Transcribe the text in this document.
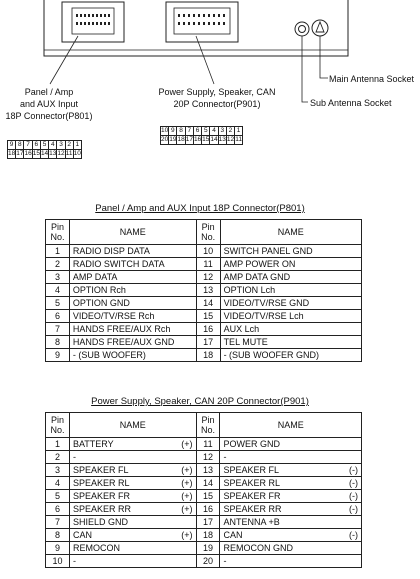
Panel / Amp
and AUX Input
18P Connector(P801)
Power Supply, Speaker, CAN
20P Connector(P901)
Main Antenna Socket
Sub Antenna Socket
9	8	7	6	5	4	3	2	1
18	17	16	15	14	13	12	11	10
10	9	8	7	6	5	4	3	2	1
20	19	18	17	16	15	14	13	12	11
Panel / Amp and AUX Input 18P Connector(P801)
Pin
No.	NAME	Pin
No.	NAME
1	RADIO DISP DATA	10	SWITCH PANEL GND
2	RADIO SWITCH DATA	11	AMP POWER ON
3	AMP DATA	12	AMP DATA GND
4	OPTION Rch	13	OPTION Lch
5	OPTION GND	14	VIDEO/TV/RSE GND
6	VIDEO/TV/RSE Rch	15	VIDEO/TV/RSE Lch
7	HANDS FREE/AUX Rch	16	AUX Lch
8	HANDS FREE/AUX GND	17	TEL MUTE
9	- (SUB WOOFER)	18	- (SUB WOOFER GND)
Power Supply, Speaker, CAN 20P Connector(P901)
Pin
No.	NAME	Pin
No.	NAME
1	BATTERY (+)	11	POWER GND

2	-	12	-

3	SPEAKER FL (+)	13	SPEAKER FL (-)

4	SPEAKER RL (+)	14	SPEAKER RL (-)

5	SPEAKER FR (+)	15	SPEAKER FR (-)

6	SPEAKER RR (+)	16	SPEAKER RR (-)

7	SHIELD GND	17	ANTENNA +B

8	CAN (+)	18	CAN (-)

9	REMOCON	19	REMOCON GND

10	-	20	-
